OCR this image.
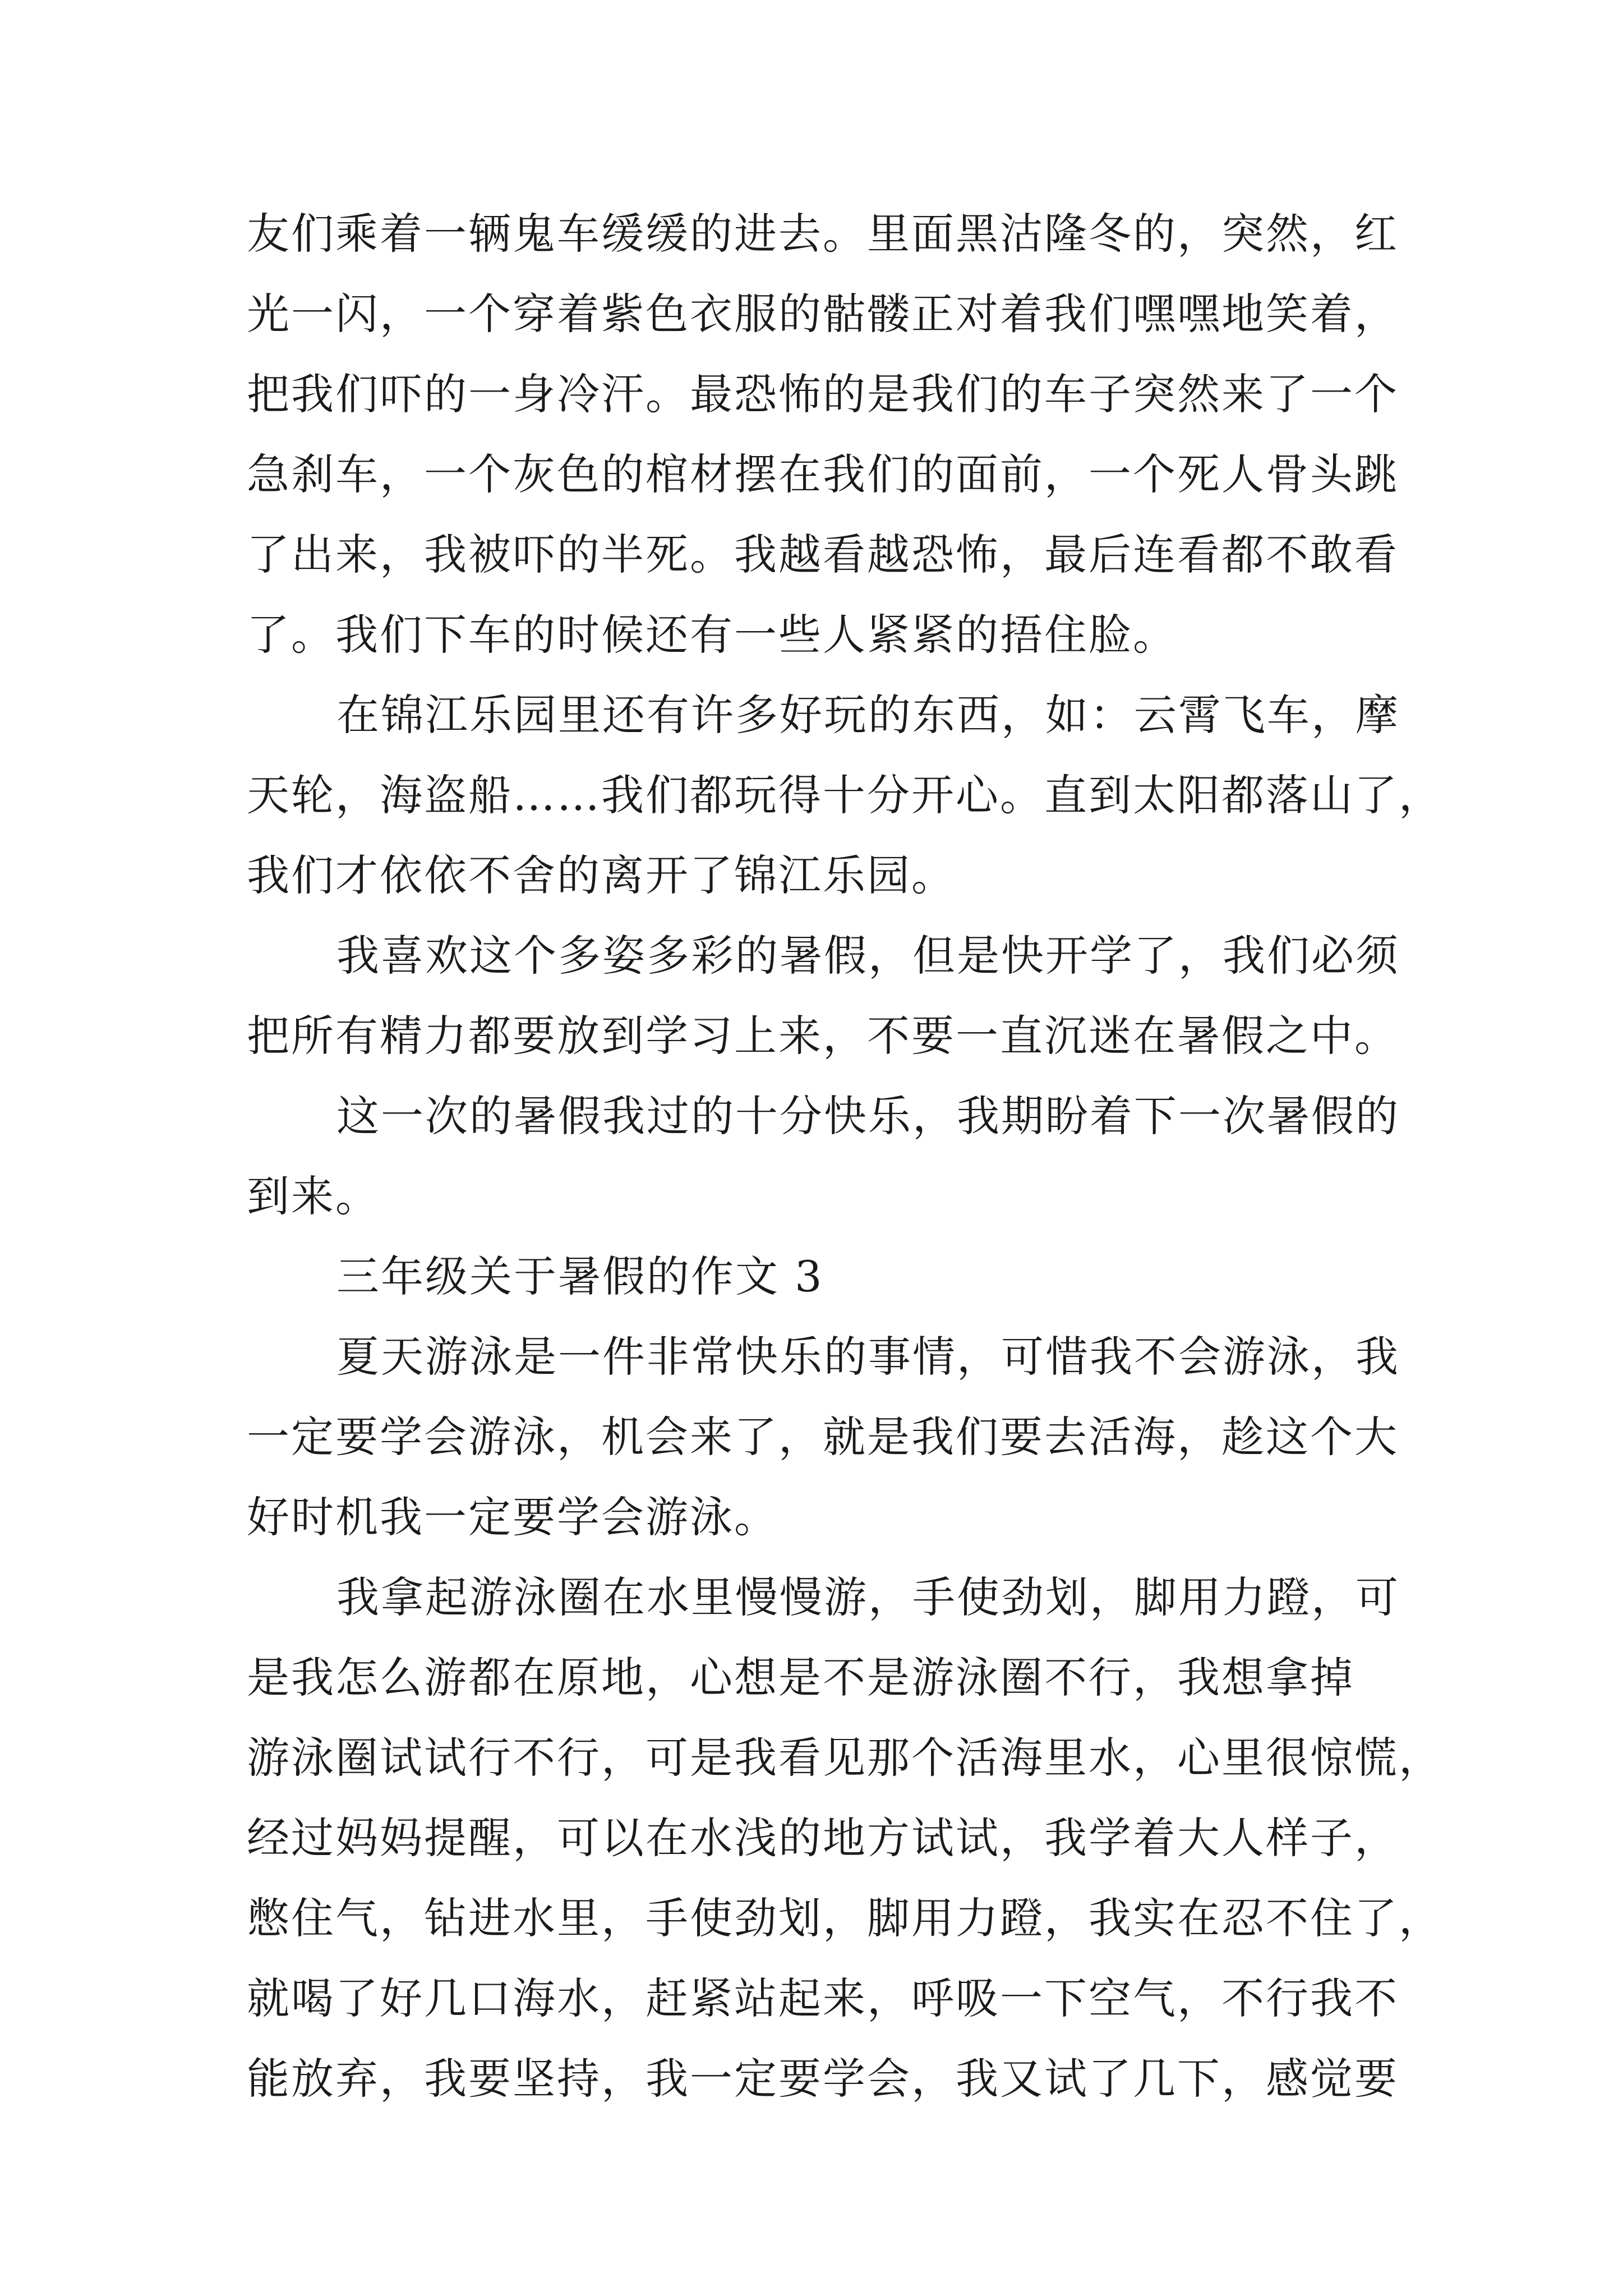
友们乘着一辆鬼车缓缓的进去。里面黑沽隆冬的，突然，红
光一闪，一个穿着紫色衣服的骷髅正对着我们嘿嘿地笑着，
把我们吓的一身冷汗。最恐怖的是我们的车子突然来了一个
急刹车，一个灰色的棺材摆在我们的面前，一个死人骨头跳
了出来，我被吓的半死。我越看越恐怖，最后连看都不敢看
了。我们下车的时候还有一些人紧紧的捂住脸。
在锦江乐园里还有许多好玩的东西，如：云霄飞车，摩
天轮，海盗船……我们都玩得十分开心。直到太阳都落山了，
我们才依依不舍的离开了锦江乐园。
我喜欢这个多姿多彩的暑假，但是快开学了，我们必须
把所有精力都要放到学习上来，不要一直沉迷在暑假之中。
这一次的暑假我过的十分快乐，我期盼着下一次暑假的
到来。
三年级关于暑假的作文 3
夏天游泳是一件非常快乐的事情，可惜我不会游泳，我
一定要学会游泳，机会来了，就是我们要去活海，趁这个大
好时机我一定要学会游泳。
我拿起游泳圈在水里慢慢游，手使劲划，脚用力蹬，可
是我怎么游都在原地，心想是不是游泳圈不行，我想拿掉
游泳圈试试行不行，可是我看见那个活海里水，心里很惊慌，
经过妈妈提醒，可以在水浅的地方试试，我学着大人样子，
憋住气，钻进水里，手使劲划，脚用力蹬，我实在忍不住了，
就喝了好几口海水，赶紧站起来，呼吸一下空气，不行我不
能放弃，我要坚持，我一定要学会，我又试了几下，感觉要
